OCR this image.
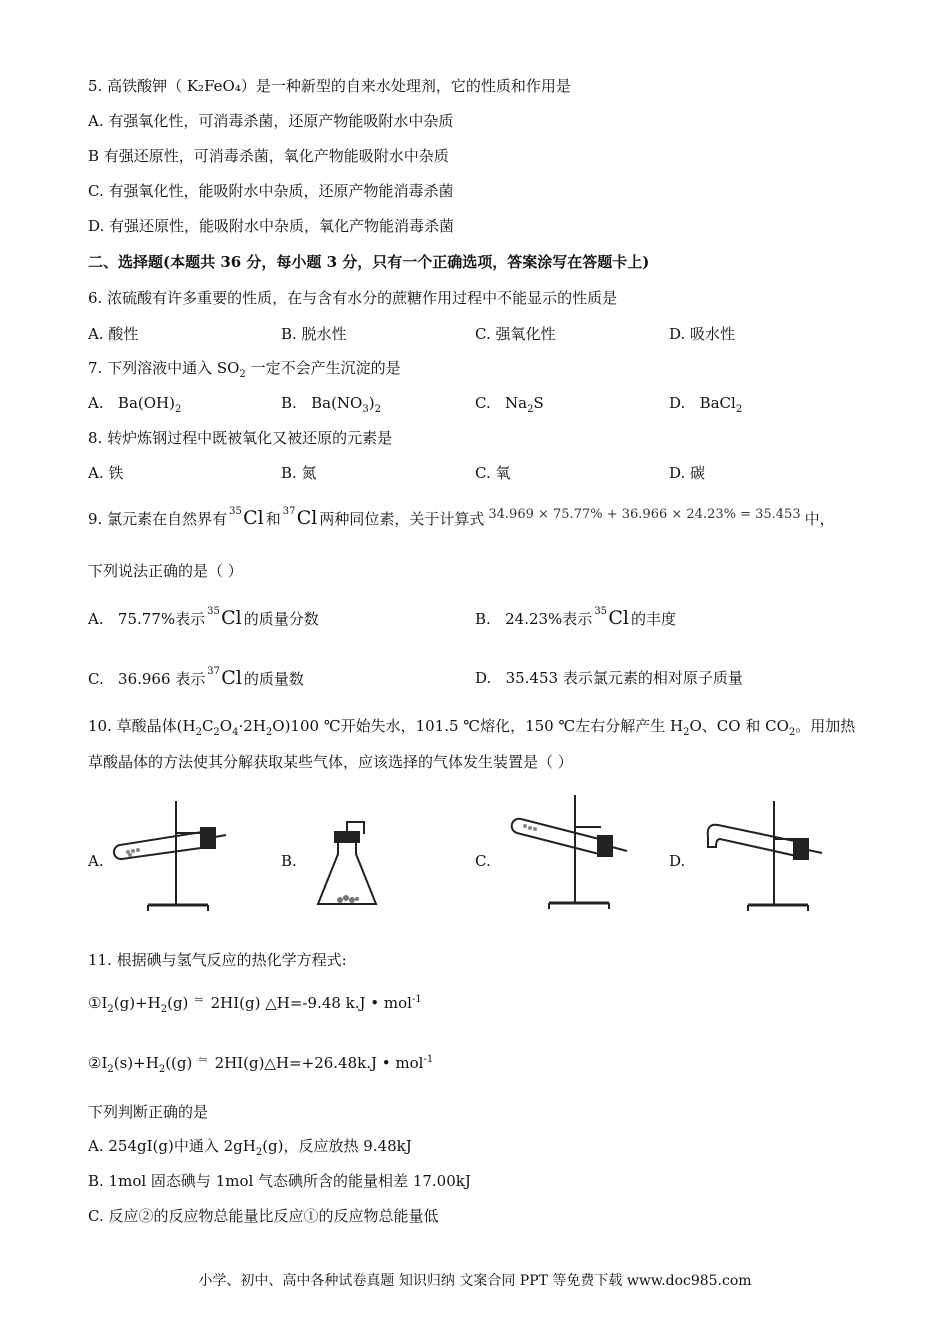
5. 高铁酸钾（ K₂FeO₄）是一种新型的自来水处理剂，它的性质和作用是
A. 有强氧化性，可消毒杀菌，还原产物能吸附水中杂质
B 有强还原性，可消毒杀菌，氧化产物能吸附水中杂质
C. 有强氧化性，能吸附水中杂质，还原产物能消毒杀菌
D. 有强还原性，能吸附水中杂质，氧化产物能消毒杀菌
二、选择题(本题共 36 分，每小题 3 分，只有一个正确选项，答案涂写在答题卡上)
6. 浓硫酸有许多重要的性质，在与含有水分的蔗糖作用过程中不能显示的性质是
A. 酸性	B. 脱水性	C. 强氧化性	D. 吸水性
7. 下列溶液中通入 $SO_2$ 一定不会产生沉淀的是
A. $Ba(OH)_2$	B. $Ba(NO_3)_2$	C. $Na_2S$	D. BaCl$_2$
8. 转炉炼钢过程中既被氧化又被还原的元素是
A. 铁	B. 氮	C. 氧	D. 碳
9. 氯元素在自然界有 35 Cl 和 37 Cl 两种同位素，关于计算式 34.969 × 75.77% + 36.966 × 24.23% = 35.453 中，
下列说法正确的是（ ）
A. 75.77%表示 35 Cl 的质量分数	B. 24.23%表示 35 Cl 的丰度
C. 36.966 表示 37 Cl 的质量数	D. 35.453 表示氯元素的相对原子质量
10. 草酸晶体$(H_2C_2O_4\cdot 2H_2O)100$ ℃开始失水，101.5 ℃熔化，150 ℃左右分解产生 $H_2O$、CO 和 $CO_2$。用加热
草酸晶体的方法使其分解获取某些气体，应该选择的气体发生装置是（ ）
A.	B.	C.	D.
11. 根据碘与氢气反应的热化学方程式:
$①I_2(g)+H_2(g)$ ⇋ 2HI(g) △H=-9.48 k.J • mol$^{-1}$
$②I_2(s)+H_2((g)$ ⇋ 2HI(g)△H=+26.48k.J • mol$^{-1}$
下列判断正确的是
A. 254gI(g)中通入 $2gH_2(g)$，反应放热 9.48kJ
B. 1mol 固态碘与 1mol 气态碘所含的能量相差 17.00kJ
C. 反应②的反应物总能量比反应①的反应物总能量低
小学、初中、高中各种试卷真题 知识归纳 文案合同 PPT 等免费下载 www.doc985.com
